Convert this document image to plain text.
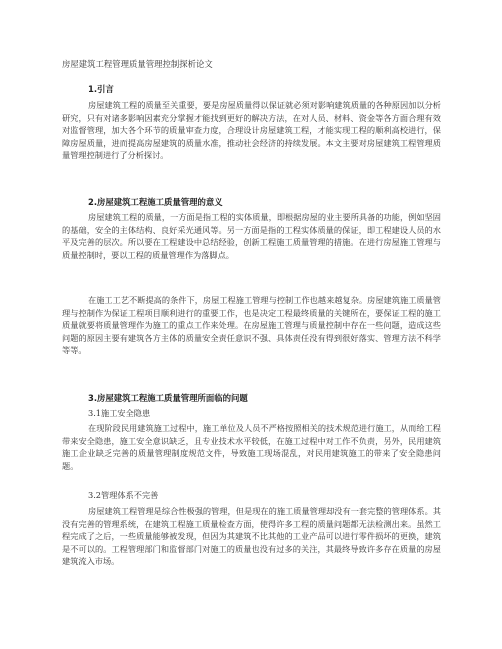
房屋建筑工程管理质量管理控制探析论文

1.引言

房屋建筑工程的质量至关重要，要是房屋质量得以保证就必须对影响建筑质量的各种原因加以分析研究，只有对诸多影响因素充分掌握才能找到更好的解决方法，在对人员、材料、资金等各方面合理有效对监督管理，加大各个环节的质量审查力度，合理设计房屋建筑工程，才能实现工程的顺利高校进行，保障房屋质量，进而提高房屋建筑的质量水准，推动社会经济的持续发展。本文主要对房屋建筑工程管理质量管理控制进行了分析探讨。

2.房屋建筑工程施工质量管理的意义

房屋建筑工程的质量，一方面是指工程的实体质量，即根据房屋的业主要所具备的功能，例如坚固的基础，安全的主体结构、良好采光通风等。另一方面是指的工程实体质量的保证，即工程建设人员的水平及完善的层次。所以要在工程建设中总结经验，创新工程施工质量管理的措施。在进行房屋施工管理与质量控制时，要以工程的质量管理作为落脚点。

在施工工艺不断提高的条件下，房屋工程施工管理与控制工作也越来越复杂。房屋建筑施工质量管理与控制作为保证工程项目顺利进行的重要工作，也是决定工程最终质量的关键所在，要保证工程的施工质量就要将质量管理作为施工的重点工作来处理。在房屋施工管理与质量控制中存在一些问题，造成这些问题的原因主要有建筑各方主体的质量安全责任意识不强、具体责任没有得到很好落实、管理方法不科学等等。

3.房屋建筑工程施工质量管理所面临的问题

3.1施工安全隐患

在现阶段民用建筑施工过程中，施工单位及人员不严格按照相关的技术规范进行施工，从而给工程带来安全隐患，施工安全意识缺乏，且专业技术水平较低，在施工过程中对工作不负责，另外，民用建筑施工企业缺乏完善的质量管理制度规范文件，导致施工现场混乱，对民用建筑施工的带来了安全隐患问题。

3.2管理体系不完善

房屋建筑工程管理是综合性极强的管理，但是现在的施工质量管理却没有一套完整的管理体系。其没有完善的管理系统，在建筑工程施工质量检查方面，使得许多工程的质量问题都无法检测出来。虽然工程完成了之后，一些质量能够被发现，但因为其建筑不比其他的工业产品可以进行零件损坏的更换，建筑是不可以的。工程管理部门和监督部门对施工的质量也没有过多的关注，其最终导致许多存在质量的房屋建筑流入市场。
